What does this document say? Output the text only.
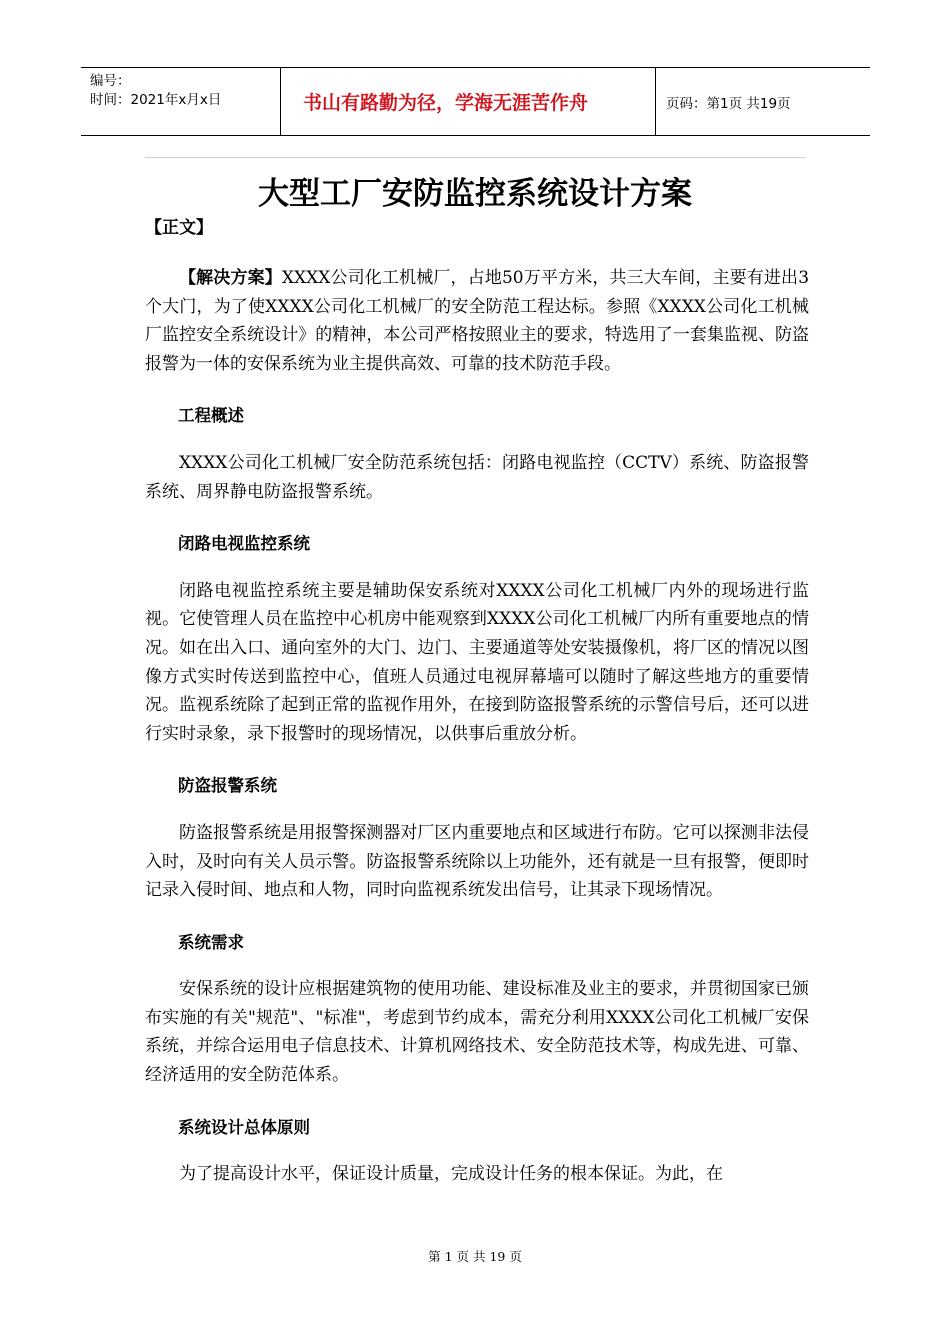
编号：
时间：2021年x月x日	书山有路勤为径，学海无涯苦作舟	页码：第1页 共19页
大型工厂安防监控系统设计方案
【正文】

【解决方案】XXXX公司化工机械厂，占地50万平方米，共三大车间，主要有进出3个大门，为了使XXXX公司化工机械厂的安全防范工程达标。参照《XXXX公司化工机械厂监控安全系统设计》的精神，本公司严格按照业主的要求，特选用了一套集监视、防盗报警为一体的安保系统为业主提供高效、可靠的技术防范手段。

工程概述

XXXX公司化工机械厂安全防范系统包括：闭路电视监控（CCTV）系统、防盗报警系统、周界静电防盗报警系统。

闭路电视监控系统

闭路电视监控系统主要是辅助保安系统对XXXX公司化工机械厂内外的现场进行监视。它使管理人员在监控中心机房中能观察到XXXX公司化工机械厂内所有重要地点的情况。如在出入口、通向室外的大门、边门、主要通道等处安装摄像机，将厂区的情况以图像方式实时传送到监控中心，值班人员通过电视屏幕墙可以随时了解这些地方的重要情况。监视系统除了起到正常的监视作用外，在接到防盗报警系统的示警信号后，还可以进行实时录象，录下报警时的现场情况，以供事后重放分析。

防盗报警系统

防盗报警系统是用报警探测器对厂区内重要地点和区域进行布防。它可以探测非法侵入时，及时向有关人员示警。防盗报警系统除以上功能外，还有就是一旦有报警，便即时记录入侵时间、地点和人物，同时向监视系统发出信号，让其录下现场情况。

系统需求

安保系统的设计应根据建筑物的使用功能、建设标准及业主的要求，并贯彻国家已颁布实施的有关"规范"、"标准"，考虑到节约成本，需充分利用XXXX公司化工机械厂安保系统，并综合运用电子信息技术、计算机网络技术、安全防范技术等，构成先进、可靠、经济适用的安全防范体系。

系统设计总体原则

为了提高设计水平，保证设计质量，完成设计任务的根本保证。为此，在

第 1 页 共 19 页
